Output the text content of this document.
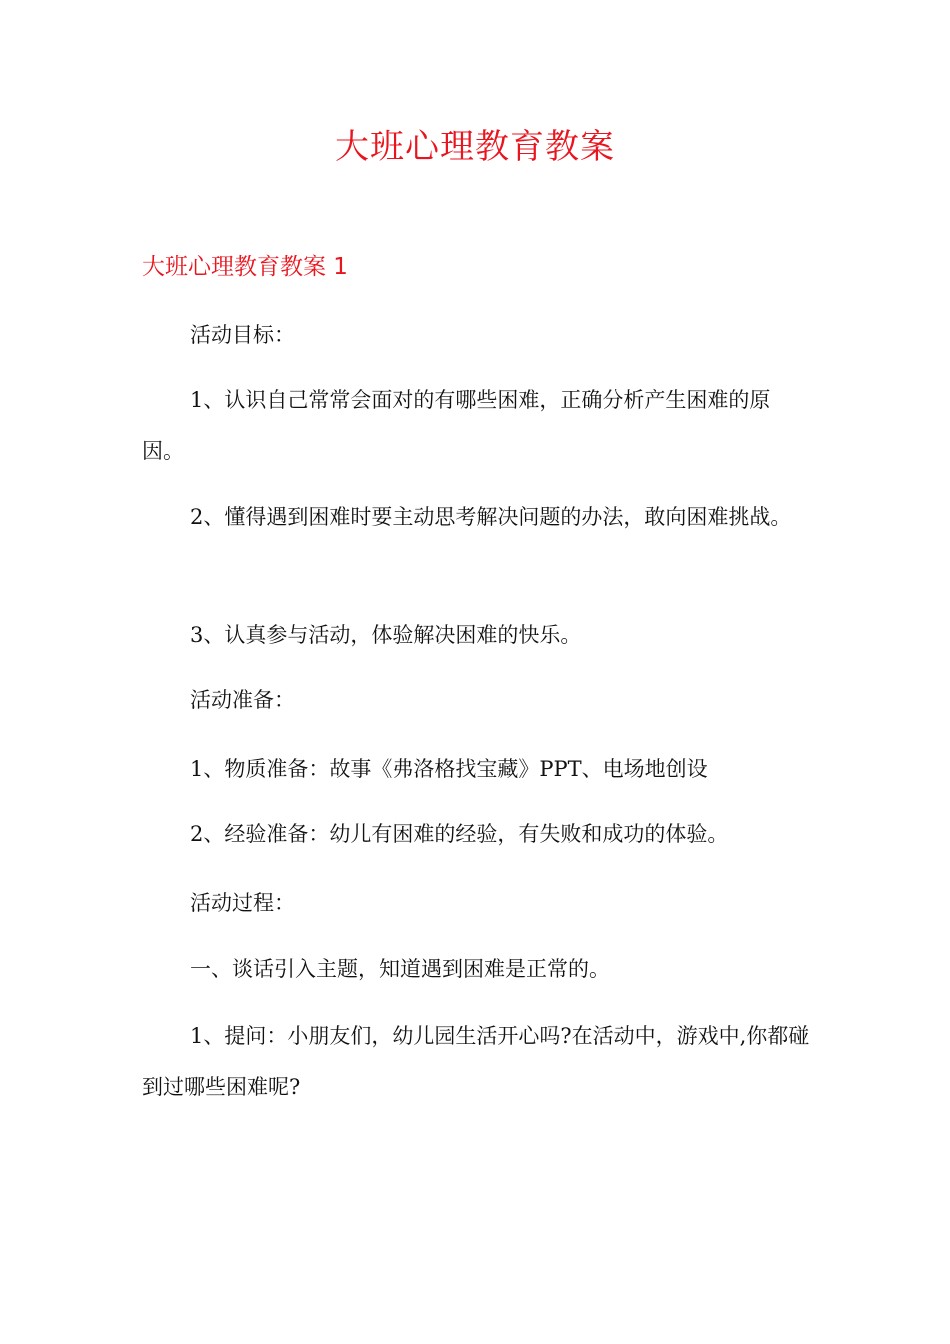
大班心理教育教案
大班心理教育教案 1

活动目标：

1、认识自己常常会面对的有哪些困难，正确分析产生困难的原因。

2、懂得遇到困难时要主动思考解决问题的办法，敢向困难挑战。

3、认真参与活动，体验解决困难的快乐。

活动准备：

1、物质准备：故事《弗洛格找宝藏》PPT、电场地创设

2、经验准备：幼儿有困难的经验，有失败和成功的体验。

活动过程：

一、谈话引入主题，知道遇到困难是正常的。

1、提问：小朋友们，幼儿园生活开心吗?在活动中，游戏中,你都碰到过哪些困难呢?
